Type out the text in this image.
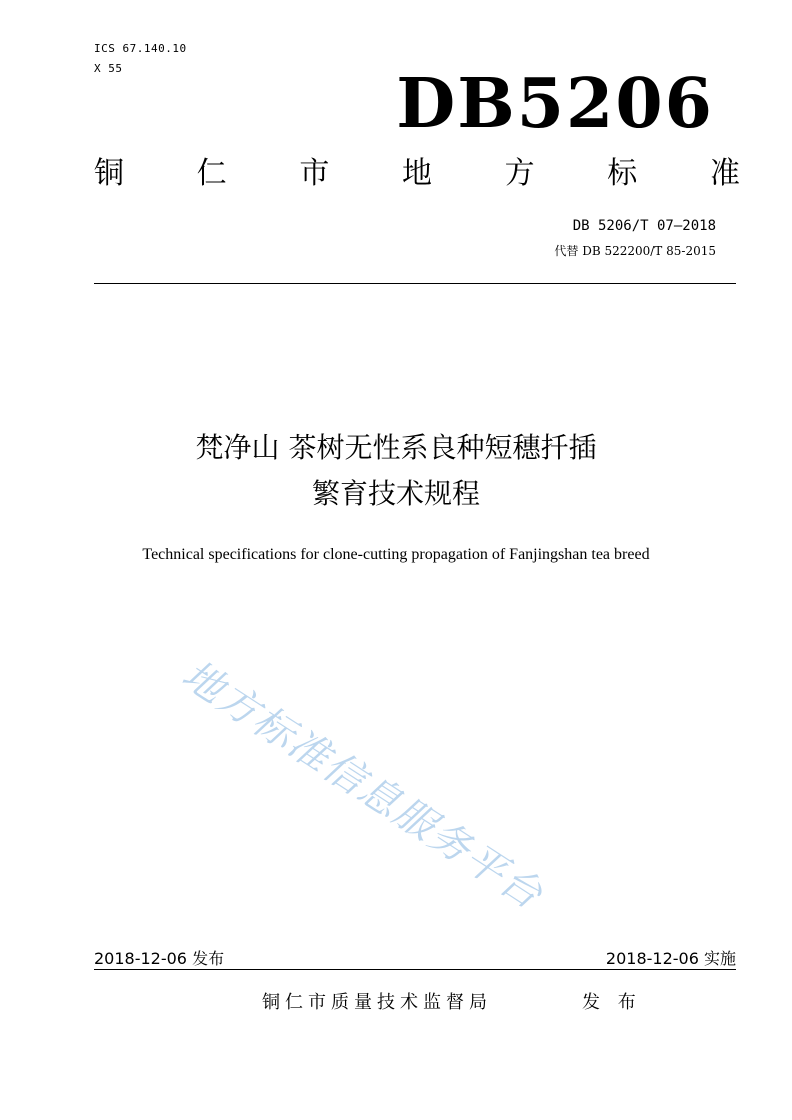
ICS 67.140.10
X 55	DB5206
铜 仁 市 地 方 标 准
DB 5206/T 07—2018
代替 DB 522200/T 85-2015
梵净山 茶树无性系良种短穗扦插
繁育技术规程
Technical specifications for clone-cutting propagation of Fanjingshan tea breed
地方标准信息服务平台
2018-12-06 发布	2018-12-06 实施
铜仁市质量技术监督局	发 布
